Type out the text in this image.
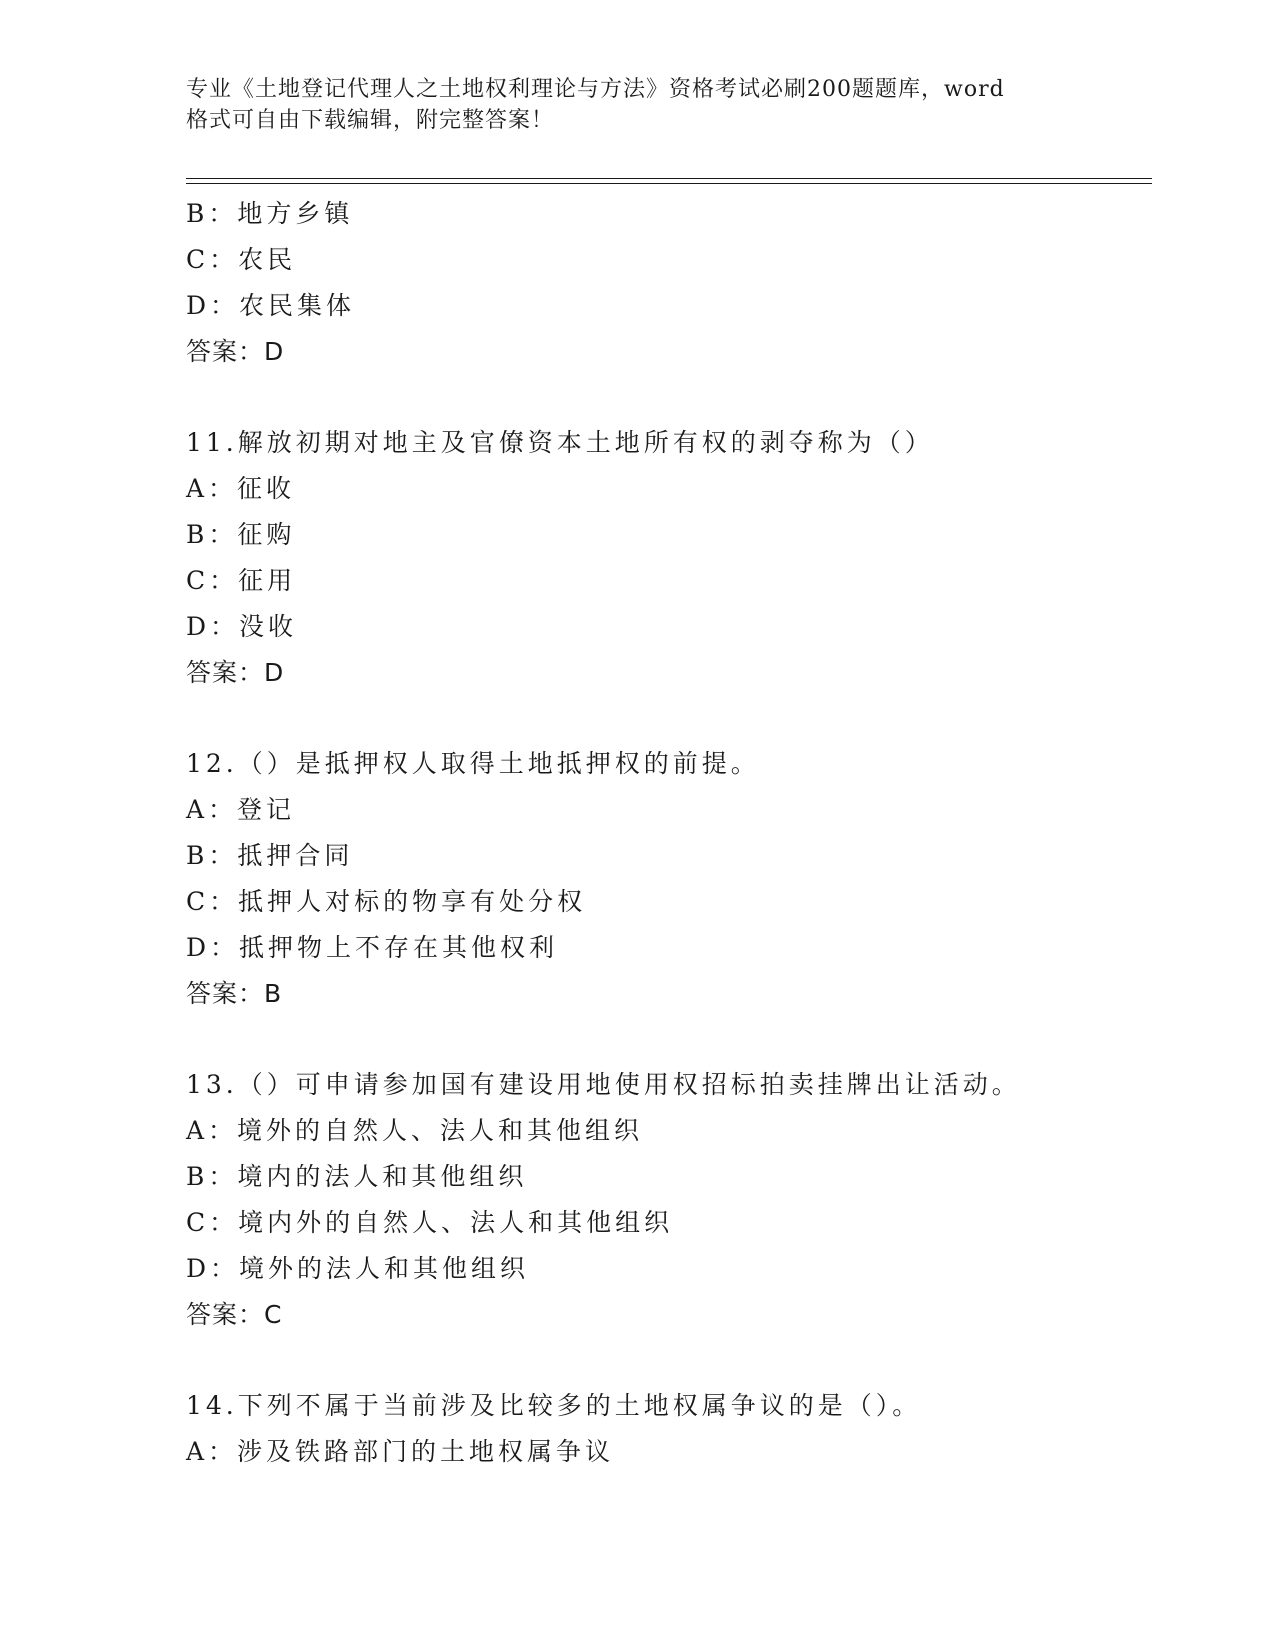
专业《土地登记代理人之土地权利理论与方法》资格考试必刷200题题库，word
格式可自由下载编辑，附完整答案！
B：地方乡镇
C：农民
D：农民集体
答案：D
11.解放初期对地主及官僚资本土地所有权的剥夺称为（）
A：征收
B：征购
C：征用
D：没收
答案：D
12.（）是抵押权人取得土地抵押权的前提。
A：登记
B：抵押合同
C：抵押人对标的物享有处分权
D：抵押物上不存在其他权利
答案：B
13.（）可申请参加国有建设用地使用权招标拍卖挂牌出让活动。
A：境外的自然人、法人和其他组织
B：境内的法人和其他组织
C：境内外的自然人、法人和其他组织
D：境外的法人和其他组织
答案：C
14.下列不属于当前涉及比较多的土地权属争议的是（）。
A：涉及铁路部门的土地权属争议
